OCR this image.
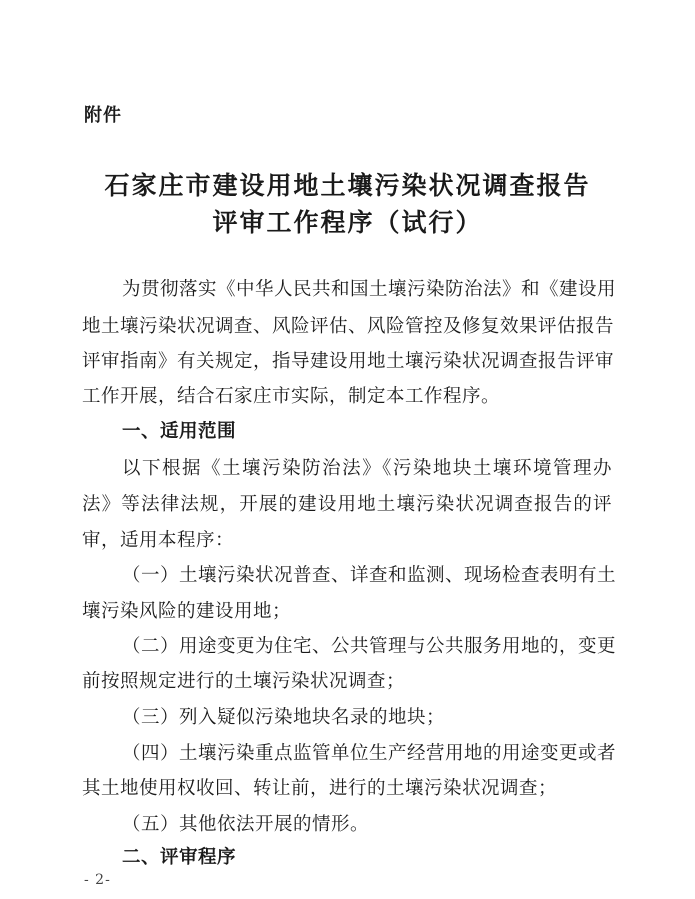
附件
石家庄市建设用地土壤污染状况调查报告
评审工作程序（试行）
为贯彻落实《中华人民共和国土壤污染防治法》和《建设用
地土壤污染状况调查、风险评估、风险管控及修复效果评估报告
评审指南》有关规定，指导建设用地土壤污染状况调查报告评审
工作开展，结合石家庄市实际，制定本工作程序。
一、适用范围
以下根据《土壤污染防治法》《污染地块土壤环境管理办
法》等法律法规，开展的建设用地土壤污染状况调查报告的评
审，适用本程序：
（一）土壤污染状况普查、详查和监测、现场检查表明有土
壤污染风险的建设用地；
（二）用途变更为住宅、公共管理与公共服务用地的，变更
前按照规定进行的土壤污染状况调查；
（三）列入疑似污染地块名录的地块；
（四）土壤污染重点监管单位生产经营用地的用途变更或者
其土地使用权收回、转让前，进行的土壤污染状况调查；
（五）其他依法开展的情形。
二、评审程序
- 2-
